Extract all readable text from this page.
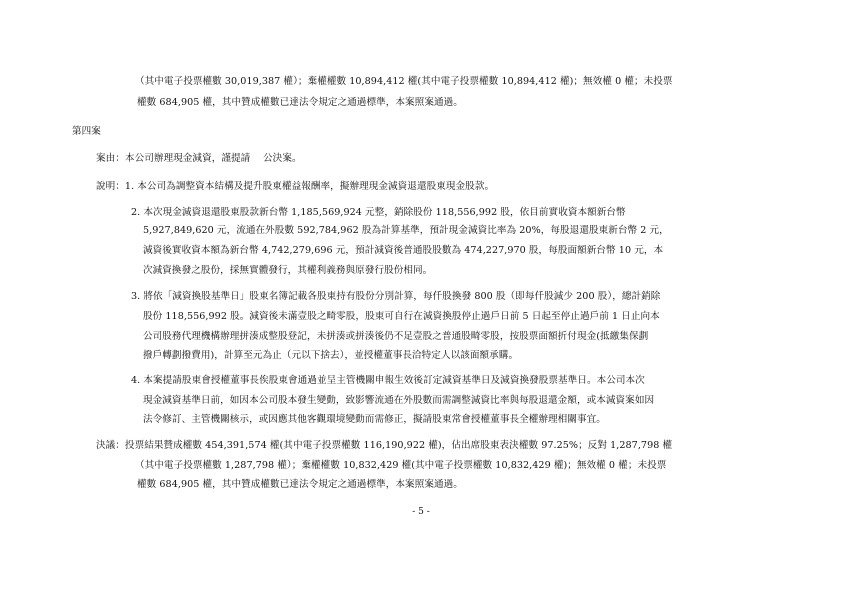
（其中電子投票權數 30,019,387 權）；棄權權數 10,894,412 權(其中電子投票權數 10,894,412 權)；無效權 0 權；未投票
權數 684,905 權，其中贊成權數已達法令規定之通過標準，本案照案通過。
第四案
案由：本公司辦理現金減資，謹提請　 公決案。
說明：1. 本公司為調整資本結構及提升股東權益報酬率，擬辦理現金減資退還股東現金股款。
2. 本次現金減資退還股東股款新台幣 1,185,569,924 元整，銷除股份 118,556,992 股，依目前實收資本額新台幣
5,927,849,620 元，流通在外股數 592,784,962 股為計算基準，預計現金減資比率為 20%，每股退還股東新台幣 2 元，
減資後實收資本額為新台幣 4,742,279,696 元，預計減資後普通股股數為 474,227,970 股，每股面額新台幣 10 元，本
次減資換發之股份，採無實體發行，其權利義務與原發行股份相同。
3. 將依「減資換股基準日」股東名簿記載各股東持有股份分別計算，每仟股換發 800 股（即每仟股減少 200 股），總計銷除
股份 118,556,992 股。減資後未滿壹股之畸零股，股東可自行在減資換股停止過戶日前 5 日起至停止過戶前 1 日止向本
公司股務代理機構辦理拼湊成整股登記，未拼湊或拼湊後仍不足壹股之普通股畸零股，按股票面額折付現金(抵繳集保劃
撥戶轉劃撥費用)，計算至元為止（元以下捨去），並授權董事長洽特定人以該面額承購。
4. 本案提請股東會授權董事長俟股東會通過並呈主管機關申報生效後訂定減資基準日及減資換發股票基準日。本公司本次
現金減資基準日前，如因本公司股本發生變動，致影響流通在外股數而需調整減資比率與每股退還金額，或本減資案如因
法令修訂、主管機關核示，或因應其他客觀環境變動而需修正，擬請股東常會授權董事長全權辦理相關事宜。
決議：投票結果贊成權數 454,391,574 權(其中電子投票權數 116,190,922 權)，佔出席股東表決權數 97.25%；反對 1,287,798 權
（其中電子投票權數 1,287,798 權）；棄權權數 10,832,429 權(其中電子投票權數 10,832,429 權)；無效權 0 權；未投票
權數 684,905 權，其中贊成權數已達法令規定之通過標準，本案照案通過。
- 5 -
